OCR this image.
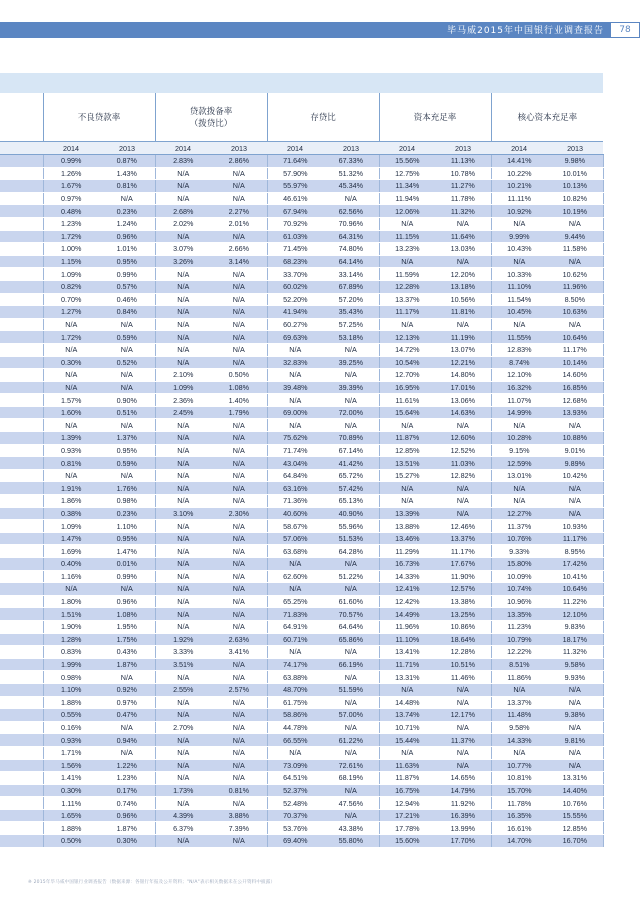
毕马威2015年中国银行业调查报告	78
	不良贷款率		贷款拨备率
（拨贷比）		存贷比		资本充足率		核心资本充足率	
	2014	2013	2014	2013	2014	2013	2014	2013	2014	2013
	0.99%	0.87%	2.83%	2.86%	71.64%	67.33%	15.56%	11.13%	14.41%	9.98%
	1.26%	1.43%	N/A	N/A	57.90%	51.32%	12.75%	10.78%	10.22%	10.01%
	1.67%	0.81%	N/A	N/A	55.97%	45.34%	11.34%	11.27%	10.21%	10.13%
	0.97%	N/A	N/A	N/A	46.61%	N/A	11.94%	11.78%	11.11%	10.82%
	0.48%	0.23%	2.68%	2.27%	67.94%	62.56%	12.06%	11.32%	10.92%	10.19%
	1.23%	1.24%	2.02%	2.01%	70.92%	70.96%	N/A	N/A	N/A	N/A
	1.72%	0.96%	N/A	N/A	61.03%	64.31%	11.15%	11.64%	9.99%	9.44%
	1.00%	1.01%	3.07%	2.66%	71.45%	74.80%	13.23%	13.03%	10.43%	11.58%
	1.15%	0.95%	3.26%	3.14%	68.23%	64.14%	N/A	N/A	N/A	N/A
	1.09%	0.99%	N/A	N/A	33.70%	33.14%	11.59%	12.20%	10.33%	10.62%
	0.82%	0.57%	N/A	N/A	60.02%	67.89%	12.28%	13.18%	11.10%	11.96%
	0.70%	0.46%	N/A	N/A	52.20%	57.20%	13.37%	10.56%	11.54%	8.50%
	1.27%	0.84%	N/A	N/A	41.94%	35.43%	11.17%	11.81%	10.45%	10.63%
	N/A	N/A	N/A	N/A	60.27%	57.25%	N/A	N/A	N/A	N/A
	1.72%	0.59%	N/A	N/A	69.63%	53.18%	12.13%	11.19%	11.55%	10.64%
	N/A	N/A	N/A	N/A	N/A	N/A	14.72%	13.07%	12.83%	11.17%
	0.30%	0.52%	N/A	N/A	32.83%	39.25%	10.54%	12.21%	8.74%	10.14%
	N/A	N/A	2.10%	0.50%	N/A	N/A	12.70%	14.80%	12.10%	14.60%
	N/A	N/A	1.09%	1.08%	39.48%	39.39%	16.95%	17.01%	16.32%	16.85%
	1.57%	0.90%	2.36%	1.40%	N/A	N/A	11.61%	13.06%	11.07%	12.68%
	1.60%	0.51%	2.45%	1.79%	69.00%	72.00%	15.64%	14.63%	14.99%	13.93%
	N/A	N/A	N/A	N/A	N/A	N/A	N/A	N/A	N/A	N/A
	1.39%	1.37%	N/A	N/A	75.62%	70.89%	11.87%	12.60%	10.28%	10.88%
	0.93%	0.95%	N/A	N/A	71.74%	67.14%	12.85%	12.52%	9.15%	9.01%
	0.81%	0.59%	N/A	N/A	43.04%	41.42%	13.51%	11.03%	12.59%	9.89%
	N/A	N/A	N/A	N/A	64.84%	65.72%	15.27%	12.82%	13.01%	10.42%
	1.91%	1.76%	N/A	N/A	63.16%	57.42%	N/A	N/A	N/A	N/A
	1.86%	0.98%	N/A	N/A	71.36%	65.13%	N/A	N/A	N/A	N/A
	0.38%	0.23%	3.10%	2.30%	40.60%	40.90%	13.39%	N/A	12.27%	N/A
	1.09%	1.10%	N/A	N/A	58.67%	55.96%	13.88%	12.46%	11.37%	10.93%
	1.47%	0.95%	N/A	N/A	57.06%	51.53%	13.46%	13.37%	10.76%	11.17%
	1.69%	1.47%	N/A	N/A	63.68%	64.28%	11.29%	11.17%	9.33%	8.95%
	0.40%	0.01%	N/A	N/A	N/A	N/A	16.73%	17.67%	15.80%	17.42%
	1.16%	0.99%	N/A	N/A	62.60%	51.22%	14.33%	11.90%	10.09%	10.41%
	N/A	N/A	N/A	N/A	N/A	N/A	12.41%	12.57%	10.74%	10.64%
	1.80%	0.96%	N/A	N/A	65.25%	61.60%	12.42%	13.38%	10.96%	11.22%
	1.51%	1.08%	N/A	N/A	71.83%	70.57%	14.49%	13.25%	13.35%	12.10%
	1.90%	1.95%	N/A	N/A	64.91%	64.64%	11.96%	10.86%	11.23%	9.83%
	1.28%	1.75%	1.92%	2.63%	60.71%	65.86%	11.10%	18.64%	10.79%	18.17%
	0.83%	0.43%	3.33%	3.41%	N/A	N/A	13.41%	12.28%	12.22%	11.32%
	1.99%	1.87%	3.51%	N/A	74.17%	66.19%	11.71%	10.51%	8.51%	9.58%
	0.98%	N/A	N/A	N/A	63.88%	N/A	13.31%	11.46%	11.86%	9.93%
	1.10%	0.92%	2.55%	2.57%	48.70%	51.59%	N/A	N/A	N/A	N/A
	1.88%	0.97%	N/A	N/A	61.75%	N/A	14.48%	N/A	13.37%	N/A
	0.55%	0.47%	N/A	N/A	58.86%	57.00%	13.74%	12.17%	11.48%	9.38%
	0.16%	N/A	2.70%	N/A	44.78%	N/A	10.71%	N/A	9.58%	N/A
	0.93%	0.94%	N/A	N/A	66.55%	61.22%	15.44%	11.37%	14.33%	9.81%
	1.71%	N/A	N/A	N/A	N/A	N/A	N/A	N/A	N/A	N/A
	1.56%	1.22%	N/A	N/A	73.09%	72.61%	11.63%	N/A	10.77%	N/A
	1.41%	1.23%	N/A	N/A	64.51%	68.19%	11.87%	14.65%	10.81%	13.31%
	0.30%	0.17%	1.73%	0.81%	52.37%	N/A	16.75%	14.79%	15.70%	14.40%
	1.11%	0.74%	N/A	N/A	52.48%	47.56%	12.94%	11.92%	11.78%	10.76%
	1.65%	0.96%	4.39%	3.88%	70.37%	N/A	17.21%	16.39%	16.35%	15.55%
	1.88%	1.87%	6.37%	7.39%	53.76%	43.38%	17.78%	13.99%	16.61%	12.85%
	0.50%	0.30%	N/A	N/A	69.40%	55.80%	15.60%	17.70%	14.70%	16.70%
※ 2015年毕马威中国银行业调查报告（数据来源：各银行年报及公开资料；"N/A"表示相关数据未在公开资料中披露）
